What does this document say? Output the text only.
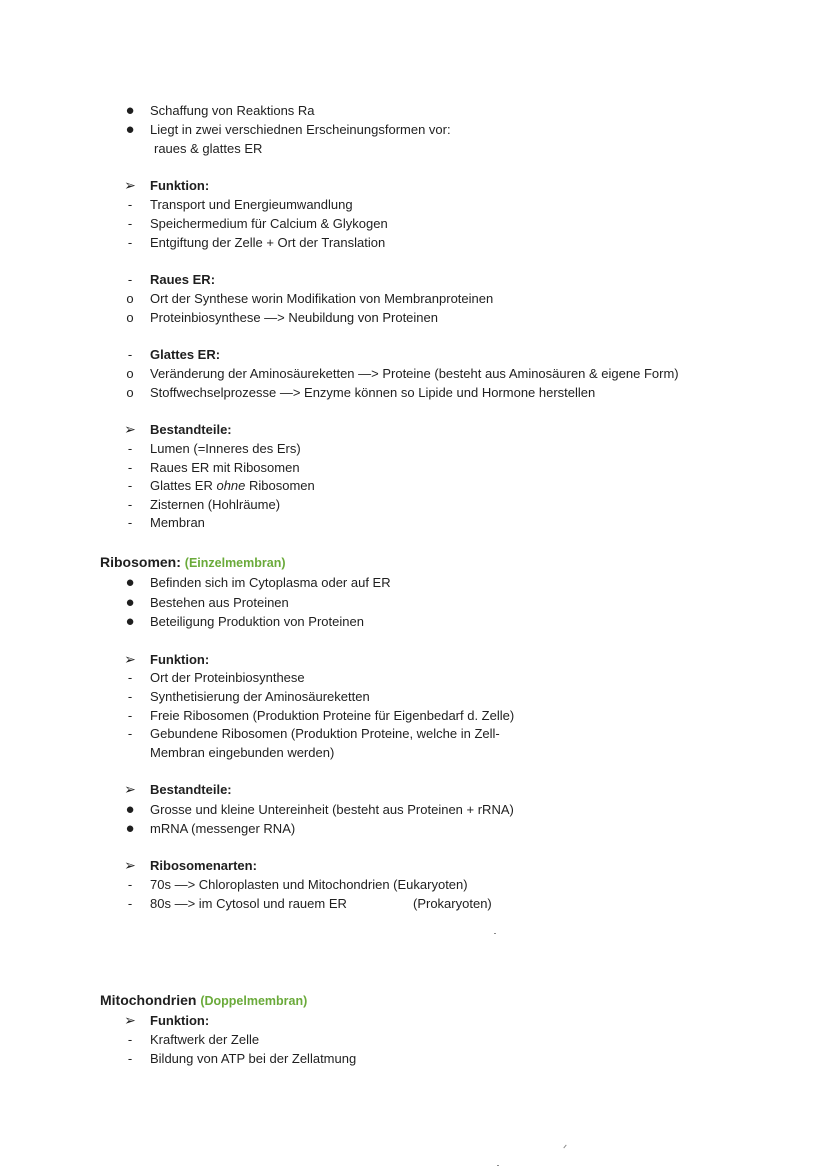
● Schaffung von Reaktions Ra
● Liegt in zwei verschiednen Erscheinungsformen vor:
raues & glattes ER
➢ Funktion:
-	Transport und Energieumwandlung
-	Speichermedium für Calcium & Glykogen
-	Entgiftung der Zelle + Ort der Translation
-	Raues ER:
o	Ort der Synthese worin Modifikation von Membranproteinen
o	Proteinbiosynthese —> Neubildung von Proteinen
-	Glattes ER:
o	Veränderung der Aminosäureketten —> Proteine (besteht aus Aminosäuren & eigene Form)
o	Stoffwechselprozesse —> Enzyme können so Lipide und Hormone herstellen
➢ Bestandteile:
-	Lumen (=Inneres des Ers)
-	Raues ER mit Ribosomen
-	Glattes ER ohne Ribosomen
-	Zisternen (Hohlräume)
-	Membran
Ribosomen: (Einzelmembran)
● Befinden sich im Cytoplasma oder auf ER
● Bestehen aus Proteinen
● Beteiligung Produktion von Proteinen
➢ Funktion:
-	Ort der Proteinbiosynthese
-	Synthetisierung der Aminosäureketten
-	Freie Ribosomen (Produktion Proteine für Eigenbedarf d. Zelle)
-	Gebundene Ribosomen (Produktion Proteine, welche in Zell-
Membran eingebunden werden)
➢ Bestandteile:
● Grosse und kleine Untereinheit (besteht aus Proteinen + rRNA)
● mRNA (messenger RNA)
➢ Ribosomenarten:
-	70s —> Chloroplasten und Mitochondrien (Eukaryoten)
-	80s —> im Cytosol und rauem ER	(Prokaryoten)
Mitochondrien (Doppelmembran)
➢ Funktion:
-	Kraftwerk der Zelle
-	Bildung von ATP bei der Zellatmung
